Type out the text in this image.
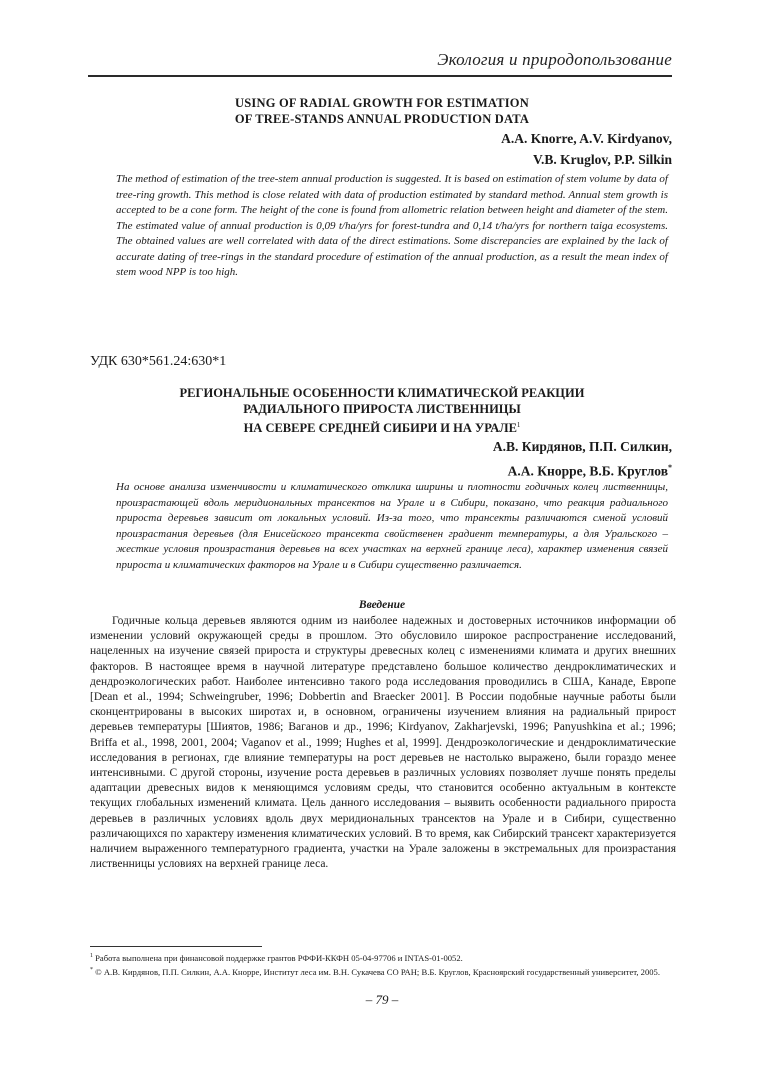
Экология и природопользование
USING OF RADIAL GROWTH FOR ESTIMATION
OF TREE-STANDS ANNUAL PRODUCTION DATA
A.A. Knorre, A.V. Kirdyanov,
V.B. Kruglov, P.P. Silkin
The method of estimation of the tree-stem annual production is suggested. It is based on estimation of stem volume by data of tree-ring growth. This method is close related with data of production estimated by standard method. Annual stem growth is accepted to be a cone form. The height of the cone is found from allometric relation between height and diameter of the stem. The estimated value of annual production is 0,09 t/ha/yrs for forest-tundra and 0,14 t/ha/yrs for northern taiga ecosystems. The obtained values are well correlated with data of the direct estimations. Some discrepancies are explained by the lack of accurate dating of tree-rings in the standard procedure of estimation of the annual production, as a result the mean index of stem wood NPP is too high.
УДК 630*561.24:630*1
РЕГИОНАЛЬНЫЕ ОСОБЕННОСТИ КЛИМАТИЧЕСКОЙ РЕАКЦИИ
РАДИАЛЬНОГО ПРИРОСТА ЛИСТВЕННИЦЫ
НА СЕВЕРЕ СРЕДНЕЙ СИБИРИ И НА УРАЛЕ$^1$
А.В. Кирдянов, П.П. Силкин,
А.А. Кнорре, В.Б. Круглов*
На основе анализа изменчивости и климатического отклика ширины и плотности годичных колец лиственницы, произрастающей вдоль меридиональных трансектов на Урале и в Сибири, показано, что реакция радиального прироста деревьев зависит от локальных условий. Из-за того, что трансекты различаются сменой условий произрастания деревьев (для Енисейского трансекта свойственен градиент температуры, а для Уральского – жесткие условия произрастания деревьев на всех участках на верхней границе леса), характер изменения связей прироста и климатических факторов на Урале и в Сибири существенно различается.
Введение
Годичные кольца деревьев являются одним из наиболее надежных и достоверных источников информации об изменении условий окружающей среды в прошлом. Это обусловило широкое распространение исследований, нацеленных на изучение связей прироста и структуры древесных колец с изменениями климата и других внешних факторов. В настоящее время в научной литературе представлено большое количество дендроклиматических и дендроэкологических работ. Наиболее интенсивно такого рода исследования проводились в США, Канаде, Европе [Dean et al., 1994; Schweingruber, 1996; Dobbertin and Braecker 2001]. В России подобные научные работы были сконцентрированы в высоких широтах и, в основном, ограничены изучением влияния на радиальный прирост деревьев температуры [Шиятов, 1986; Ваганов и др., 1996; Kirdyanov, Zakharjevski, 1996; Panyushkina et al.; 1996; Briffa et al., 1998, 2001, 2004; Vaganov et al., 1999; Hughes et al, 1999]. Дендроэкологические и дендроклиматические исследования в регионах, где влияние температуры на рост деревьев не настолько выражено, были гораздо менее интенсивными. С другой стороны, изучение роста деревьев в различных условиях позволяет лучше понять пределы адаптации древесных видов к меняющимся условиям среды, что становится особенно актуальным в контексте текущих глобальных изменений климата. Цель данного исследования – выявить особенности радиального прироста деревьев в различных условиях вдоль двух меридиональных трансектов на Урале и в Сибири, существенно различающихся по характеру изменения климатических условий. В то время, как Сибирский трансект характеризуется наличием выраженного температурного градиента, участки на Урале заложены в экстремальных для произрастания лиственницы условиях на верхней границе леса.

$^1$ Работа выполнена при финансовой поддержке грантов РФФИ-ККФН 05-04-97706 и INTAS-01-0052.

* © А.В. Кирдянов, П.П. Силкин, А.А. Кнорре, Институт леса им. В.Н. Сукачева СО РАН; В.Б. Круглов, Красноярский государственный университет, 2005.

– 79 –
